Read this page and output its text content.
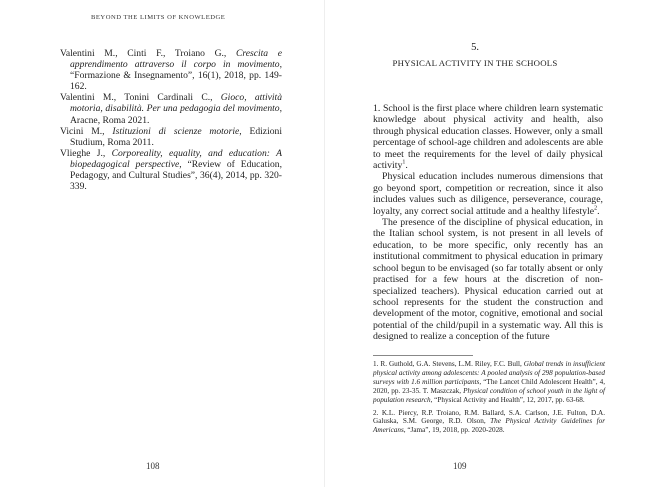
BEYOND THE LIMITS OF KNOWLEDGE

Valentini M., Cinti F., Troiano G., Crescita e apprendimento attraverso il corpo in movimento, “Formazione & Insegnamento”, 16(1), 2018, pp. 149-162.

Valentini M., Tonini Cardinali C., Gioco, attività motoria, disabilità. Per una pedagogia del movimento, Aracne, Roma 2021.

Vicini M., Istituzioni di scienze motorie, Edizioni Studium, Roma 2011.

Vlieghe J., Corporeality, equality, and education: A biopedagogical perspective, “Review of Education, Pedagogy, and Cultural Studies”, 36(4), 2014, pp. 320-339.

108
5.
PHYSICAL ACTIVITY IN THE SCHOOLS

1. School is the first place where children learn systematic knowledge about physical activity and health, also through physical education classes. However, only a small percentage of school-age children and adolescents are able to meet the requirements for the level of daily physical activity$^1$.

Physical education includes numerous dimensions that go beyond sport, competition or recreation, since it also includes values such as diligence, perseverance, courage, loyalty, any correct social attitude and a healthy lifestyle$^2$.

The presence of the discipline of physical education, in the Italian school system, is not present in all levels of education, to be more specific, only recently has an institutional commitment to physical education in primary school begun to be envisaged (so far totally absent or only practised for a few hours at the discretion of non-specialized teachers). Physical education carried out at school represents for the student the construction and development of the motor, cognitive, emotional and social potential of the child/pupil in a systematic way. All this is designed to realize a conception of the future

1. R. Guthold, G.A. Stevens, L.M. Riley, F.C. Bull, Global trends in insufficient physical activity among adolescents: A pooled analysis of 298 population-based surveys with 1.6 million participants, “The Lancet Child Adolescent Health”, 4, 2020, pp. 23-35. T. Maszczak, Physical condition of school youth in the light of population research, “Physical Activity and Health”, 12, 2017, pp. 63-68.

2. K.L. Piercy, R.P. Troiano, R.M. Ballard, S.A. Carlson, J.E. Fulton, D.A. Galuska, S.M. George, R.D. Olson, The Physical Activity Guidelines for Americans, “Jama”, 19, 2018, pp. 2020-2028.

109
